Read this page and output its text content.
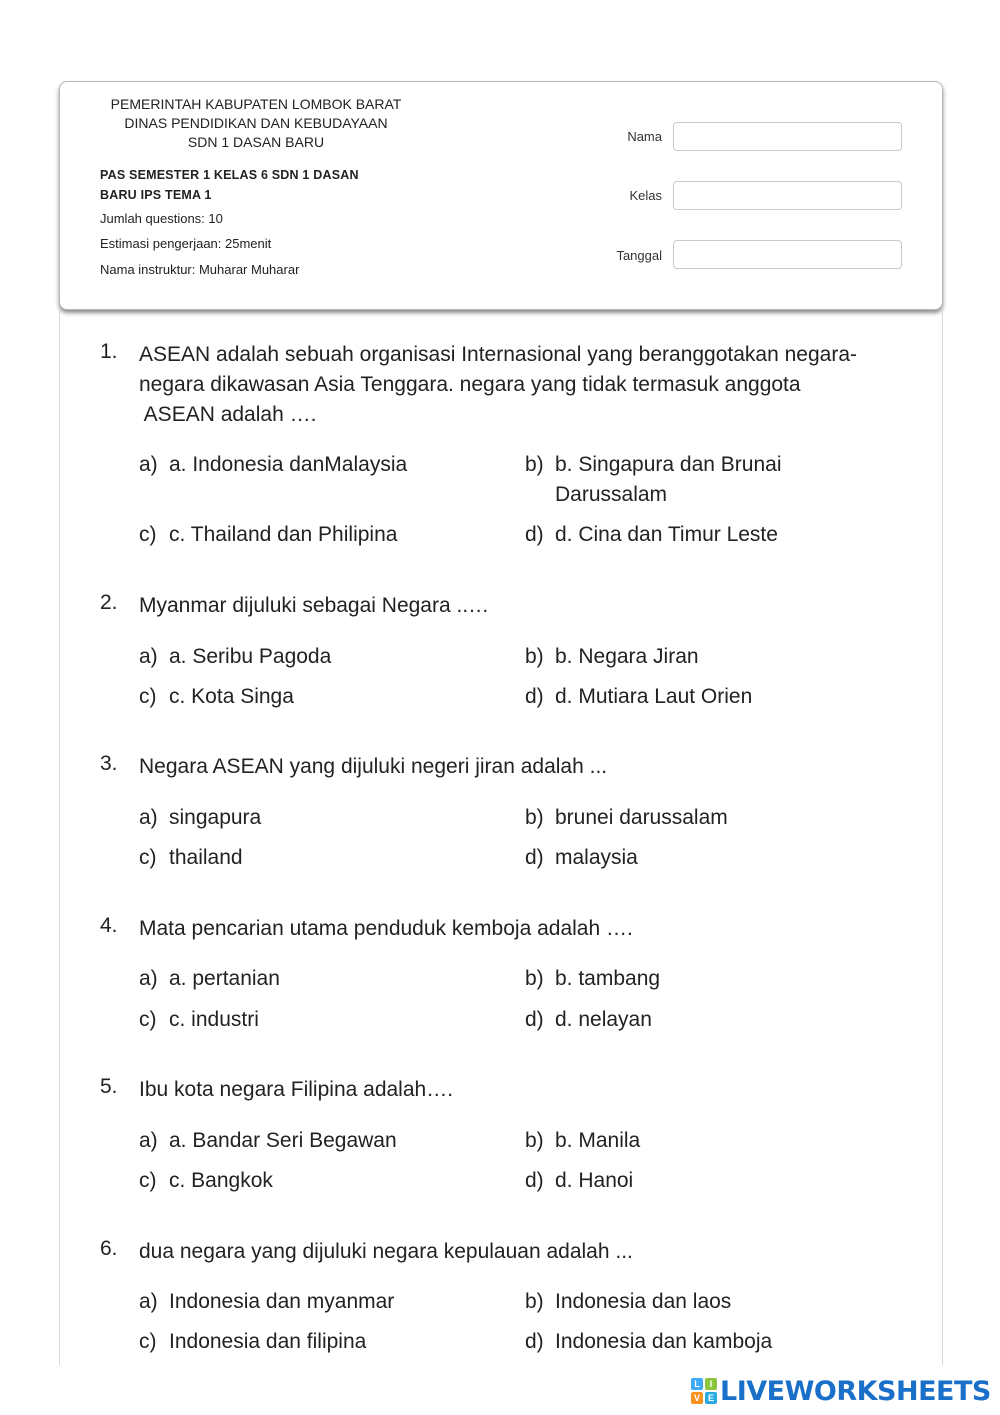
PEMERINTAH KABUPATEN LOMBOK BARAT
DINAS PENDIDIKAN DAN KEBUDAYAAN
SDN 1 DASAN BARU
PAS SEMESTER 1 KELAS 6 SDN 1 DASAN
BARU IPS TEMA 1
Jumlah questions: 10
Estimasi pengerjaan: 25menit
Nama instruktur: Muharar Muharar
Nama
Kelas
Tanggal
1. ASEAN adalah sebuah organisasi Internasional yang beranggotakan negara-
negara dikawasan Asia Tenggara. negara yang tidak termasuk anggota
ASEAN adalah ….
a) a. Indonesia danMalaysia	b) b. Singapura dan Brunai Darussalam
c) c. Thailand dan Philipina	d) d. Cina dan Timur Leste
2. Myanmar dijuluki sebagai Negara ..…
a) a. Seribu Pagoda	b) b. Negara Jiran
c) c. Kota Singa	d) d. Mutiara Laut Orien
3. Negara ASEAN yang dijuluki negeri jiran adalah ...
a) singapura	b) brunei darussalam
c) thailand	d) malaysia
4. Mata pencarian utama penduduk kemboja adalah ….
a) a. pertanian	b) b. tambang
c) c. industri	d) d. nelayan
5. Ibu kota negara Filipina adalah….
a) a. Bandar Seri Begawan	b) b. Manila
c) c. Bangkok	d) d. Hanoi
6. dua negara yang dijuluki negara kepulauan adalah ...
a) Indonesia dan myanmar	b) Indonesia dan laos
c) Indonesia dan filipina	d) Indonesia dan kamboja
L	I
V E LIVEWORKSHEETS
